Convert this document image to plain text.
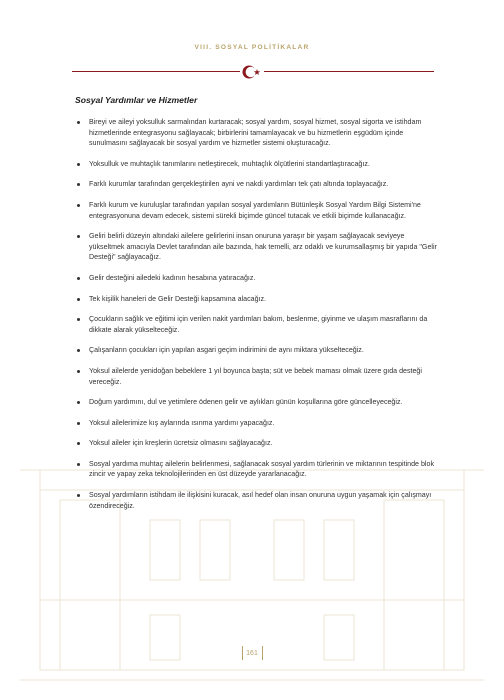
VIII. SOSYAL POLİTİKALAR
Sosyal Yardımlar ve Hizmetler
Bireyi ve aileyi yoksulluk sarmalından kurtaracak; sosyal yardım, sosyal hizmet, sosyal sigorta ve istihdam hizmetlerinde entegrasyonu sağlayacak; birbirlerini tamamlayacak ve bu hizmetlerin eşgüdüm içinde sunulmasını sağlayacak bir sosyal yardım ve hizmetler sistemi oluşturacağız.
Yoksulluk ve muhtaçlık tanımlarını netleştirecek, muhtaçlık ölçütlerini standartlaştıracağız.
Farklı kurumlar tarafından gerçekleştirilen ayni ve nakdi yardımları tek çatı altında toplayacağız.
Farklı kurum ve kuruluşlar tarafından yapılan sosyal yardımların Bütünleşik Sosyal Yardım Bilgi Sistemi'ne entegrasyonuna devam edecek, sistemi sürekli biçimde güncel tutacak ve etkili biçimde kullanacağız.
Geliri belirli düzeyin altındaki ailelere gelirlerini insan onuruna yaraşır bir yaşam sağlayacak seviyeye yükseltmek amacıyla Devlet tarafından aile bazında, hak temelli, arz odaklı ve kurumsallaşmış bir yapıda "Gelir Desteği" sağlayacağız.
Gelir desteğini ailedeki kadının hesabına yatıracağız.
Tek kişilik haneleri de Gelir Desteği kapsamına alacağız.
Çocukların sağlık ve eğitimi için verilen nakit yardımları bakım, beslenme, giyinme ve ulaşım masraflarını da dikkate alarak yükselteceğiz.
Çalışanların çocukları için yapılan asgari geçim indirimini de aynı miktara yükselteceğiz.
Yoksul ailelerde yenidoğan bebeklere 1 yıl boyunca başta; süt ve bebek maması olmak üzere gıda desteği vereceğiz.
Doğum yardımını, dul ve yetimlere ödenen gelir ve aylıkları günün koşullarına göre güncelleyeceğiz.
Yoksul ailelerimize kış aylarında ısınma yardımı yapacağız.
Yoksul aileler için kreşlerin ücretsiz olmasını sağlayacağız.
Sosyal yardıma muhtaç ailelerin belirlenmesi, sağlanacak sosyal yardım türlerinin ve miktarının tespitinde blok zincir ve yapay zeka teknolojilerinden en üst düzeyde yararlanacağız.
Sosyal yardımların istihdam ile ilişkisini kuracak, asıl hedef olan insan onuruna uygun yaşamak için çalışmayı özendireceğiz.
161
